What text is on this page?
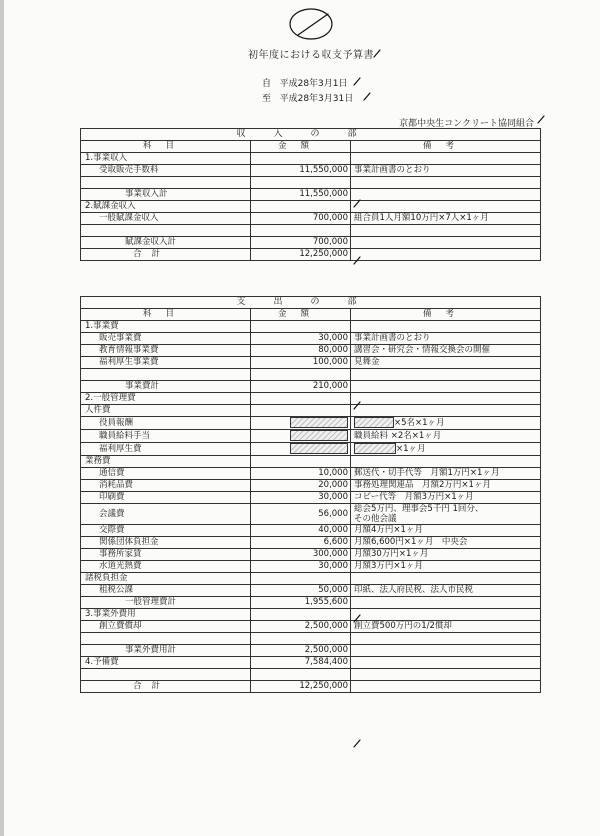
初年度における収支予算書
自 平成28年3月1日
至 平成28年3月31日
京都中央生コンクリート協同組合
収入の部		
科目	金額	備考
1.事業収入		
受取販売手数料	11,550,000	事業計画書のとおり

事業収入計	11,550,000	
2.賦課金収入		
一般賦課金収入	700,000	組合員1人月額10万円×7人×1ヶ月

賦課金収入計	700,000	
合計	12,250,000	
支出の部		
科目	金額	備考
1.事業費		
販売事業費	30,000	事業計画書のとおり
教育情報事業費	80,000	講習会・研究会・情報交換会の開催
福利厚生事業費	100,000	見舞金

事業費計	210,000	
2.一般管理費		
人件費		
役員報酬		×5名×1ヶ月
職員給料手当		職員給料 ×2名×1ヶ月
福利厚生費		×1ヶ月
業務費		
通信費	10,000	郵送代・切手代等　月額1万円×1ヶ月
消耗品費	20,000	事務処理関連品　月額2万円×1ヶ月
印刷費	30,000	コピー代等　月額3万円×1ヶ月
会議費	56,000	総会5万円、理事会5千円 1回分、
その他会議
交際費	40,000	月額4万円×1ヶ月
関係団体負担金	6,600	月額6,600円×1ヶ月　中央会
事務所家賃	300,000	月額30万円×1ヶ月
水道光熱費	30,000	月額3万円×1ヶ月
諸税負担金		
租税公課	50,000	印紙、法人府民税、法人市民税
一般管理費計	1,955,600	
3.事業外費用		
創立費償却	2,500,000	創立費500万円の1/2償却

事業外費用計	2,500,000	
4.予備費	7,584,400	

合計	12,250,000	
